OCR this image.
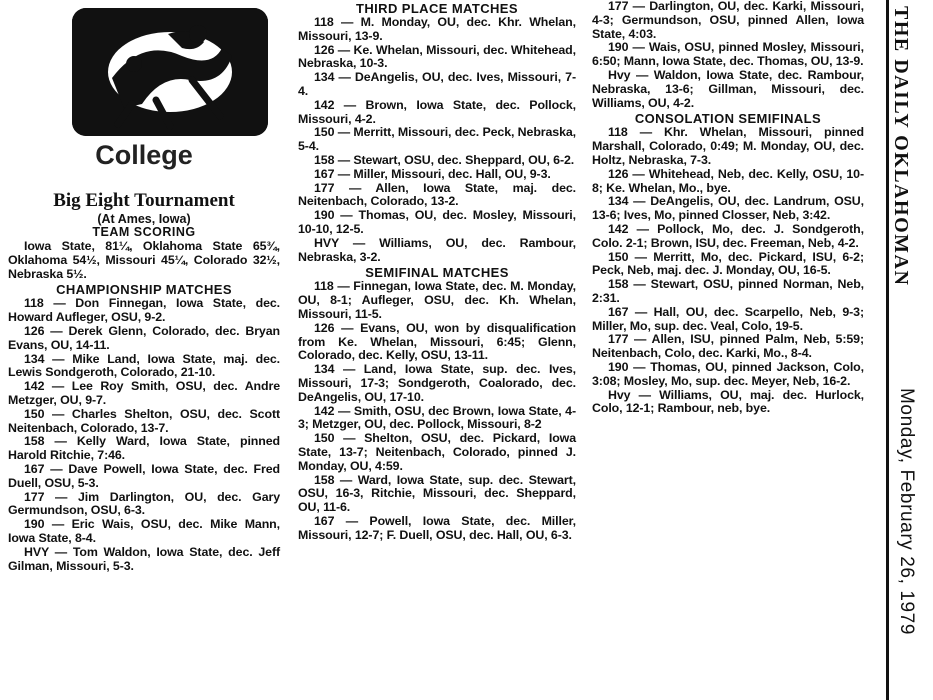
College
Big Eight Tournament
(At Ames, Iowa)
TEAM SCORING

Iowa State, 81¼, Oklahoma State 65¾, Oklahoma 54½, Missouri 45¼, Colorado 32½, Nebraska 5½.

CHAMPIONSHIP MATCHES

118 — Don Finnegan, Iowa State, dec. Howard Aufleger, OSU, 9-2.

126 — Derek Glenn, Colorado, dec. Bryan Evans, OU, 14-11.

134 — Mike Land, Iowa State, maj. dec. Lewis Sondgeroth, Colorado, 21-10.

142 — Lee Roy Smith, OSU, dec. Andre Metzger, OU, 9-7.

150 — Charles Shelton, OSU, dec. Scott Neitenbach, Colorado, 13-7.

158 — Kelly Ward, Iowa State, pinned Harold Ritchie, 7:46.

167 — Dave Powell, Iowa State, dec. Fred Duell, OSU, 5-3.

177 — Jim Darlington, OU, dec. Gary Germundson, OSU, 6-3.

190 — Eric Wais, OSU, dec. Mike Mann, Iowa State, 8-4.

HVY — Tom Waldon, Iowa State, dec. Jeff Gilman, Missouri, 5-3.

THIRD PLACE MATCHES

118 — M. Monday, OU, dec. Khr. Whelan, Missouri, 13-9.

126 — Ke. Whelan, Missouri, dec. Whitehead, Nebraska, 10-3.

134 — DeAngelis, OU, dec. Ives, Missouri, 7-4.

142 — Brown, Iowa State, dec. Pollock, Missouri, 4-2.

150 — Merritt, Missouri, dec. Peck, Nebraska, 5-4.

158 — Stewart, OSU, dec. Sheppard, OU, 6-2.

167 — Miller, Missouri, dec. Hall, OU, 9-3.

177 — Allen, Iowa State, maj. dec. Neitenbach, Colorado, 13-2.

190 — Thomas, OU, dec. Mosley, Missouri, 10-10, 12-5.

HVY — Williams, OU, dec. Rambour, Nebraska, 3-2.

SEMIFINAL MATCHES

118 — Finnegan, Iowa State, dec. M. Monday, OU, 8-1; Aufleger, OSU, dec. Kh. Whelan, Missouri, 11-5.

126 — Evans, OU, won by disqualification from Ke. Whelan, Missouri, 6:45; Glenn, Colorado, dec. Kelly, OSU, 13-11.

134 — Land, Iowa State, sup. dec. Ives, Missouri, 17-3; Sondgeroth, Coalorado, dec. DeAngelis, OU, 17-10.

142 — Smith, OSU, dec Brown, Iowa State, 4-3; Metzger, OU, dec. Pollock, Missouri, 8-2

150 — Shelton, OSU, dec. Pickard, Iowa State, 13-7; Neitenbach, Colorado, pinned J. Monday, OU, 4:59.

158 — Ward, Iowa State, sup. dec. Stewart, OSU, 16-3, Ritchie, Missouri, dec. Sheppard, OU, 11-6.

167 — Powell, Iowa State, dec. Miller, Missouri, 12-7; F. Duell, OSU, dec. Hall, OU, 6-3.

177 — Darlington, OU, dec. Karki, Missouri, 4-3; Germundson, OSU, pinned Allen, Iowa State, 4:03.

190 — Wais, OSU, pinned Mosley, Missouri, 6:50; Mann, Iowa State, dec. Thomas, OU, 13-9.

Hvy — Waldon, Iowa State, dec. Rambour, Nebraska, 13-6; Gillman, Missouri, dec. Williams, OU, 4-2.

CONSOLATION SEMIFINALS

118 — Khr. Whelan, Missouri, pinned Marshall, Colorado, 0:49; M. Monday, OU, dec. Holtz, Nebraska, 7-3.

126 — Whitehead, Neb, dec. Kelly, OSU, 10-8; Ke. Whelan, Mo., bye.

134 — DeAngelis, OU, dec. Landrum, OSU, 13-6; Ives, Mo, pinned Closser, Neb, 3:42.

142 — Pollock, Mo, dec. J. Sondgeroth, Colo. 2-1; Brown, ISU, dec. Freeman, Neb, 4-2.

150 — Merritt, Mo, dec. Pickard, ISU, 6-2; Peck, Neb, maj. dec. J. Monday, OU, 16-5.

158 — Stewart, OSU, pinned Norman, Neb, 2:31.

167 — Hall, OU, dec. Scarpello, Neb, 9-3; Miller, Mo, sup. dec. Veal, Colo, 19-5.

177 — Allen, ISU, pinned Palm, Neb, 5:59; Neitenbach, Colo, dec. Karki, Mo., 8-4.

190 — Thomas, OU, pinned Jackson, Colo, 3:08; Mosley, Mo, sup. dec. Meyer, Neb, 16-2.

Hvy — Williams, OU, maj. dec. Hurlock, Colo, 12-1; Rambour, neb, bye.

THE DAILY OKLAHOMAN
Monday, February 26, 1979
